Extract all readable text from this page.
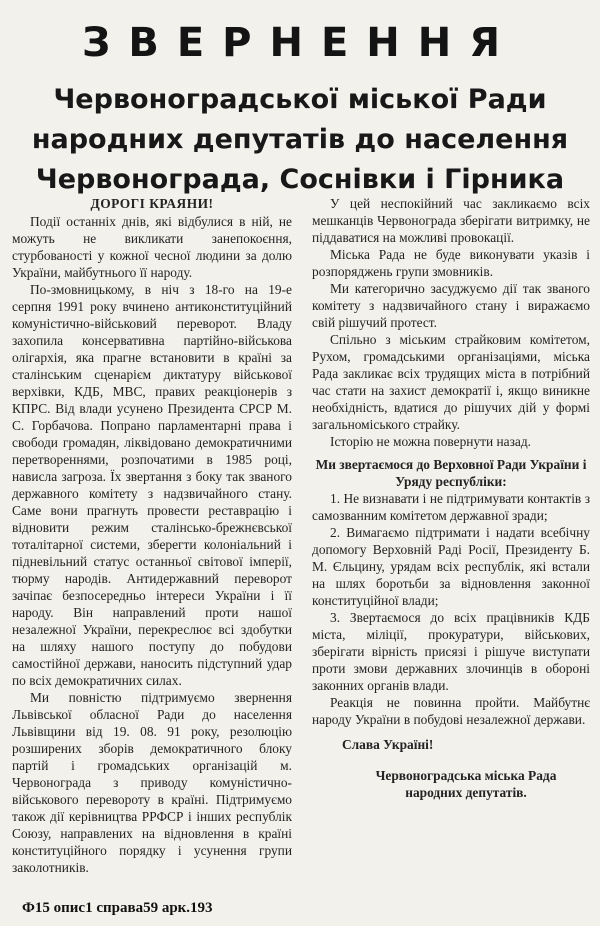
ЗВЕРНЕННЯ
Червоноградської міської Ради
народних депутатів до населення
Червонограда, Соснівки і Гірника

ДОРОГІ КРАЯНИ!

Події останніх днів, які відбулися в ній, не можуть не викликати занепокоєння, стурбованості у кожної чесної людини за долю України, майбутнього її народу.

По-змовницькому, в ніч з 18-го на 19-е серпня 1991 року вчинено антиконституційний комуністично-військовий переворот. Владу захопила консервативна партійно-військова олігархія, яка прагне встановити в країні за сталінським сценарієм диктатуру військової верхівки, КДБ, МВС, правих реакціонерів з КПРС. Від влади усунено Президента СРСР М. С. Горбачова. Попрано парламентарні права і свободи громадян, ліквідовано демократичними перетвореннями, розпочатими в 1985 році, нависла загроза. Їх звертання з боку так званого державного комітету з надзвичайного стану. Саме вони прагнуть провести реставрацію і відновити режим сталінсько-брежнєвської тоталітарної системи, зберегти колоніальний і підневільний статус останньої світової імперії, тюрму народів. Антидержавний переворот зачіпає безпосередньо інтереси України і її народу. Він направлений проти нашої незалежної України, перекреслює всі здобутки на шляху нашого поступу до побудови самостійної держави, наносить підступний удар по всіх демократичних силах.

Ми повністю підтримуємо звернення Львівської обласної Ради до населення Львівщини від 19. 08. 91 року, резолюцію розширених зборів демократичного блоку партій і громадських організацій м. Червонограда з приводу комуністично-військового перевороту в країні. Підтримуємо також дії керівництва РРФСР і інших республік Союзу, направлених на відновлення в країні конституційного порядку і усунення групи заколотників.

У цей неспокійний час закликаємо всіх мешканців Червонограда зберігати витримку, не піддаватися на можливі провокації.

Міська Рада не буде виконувати указів і розпоряджень групи змовників.

Ми категорично засуджуємо дії так званого комітету з надзвичайного стану і виражаємо свій рішучий протест.

Спільно з міським страйковим комітетом, Рухом, громадськими організаціями, міська Рада закликає всіх трудящих міста в потрібний час стати на захист демократії і, якщо виникне необхідність, вдатися до рішучих дій у формі загальноміського страйку.

Історію не можна повернути назад.

Ми звертаємося до Верховної Ради України і Уряду республіки:

1. Не визнавати і не підтримувати контактів з самозванним комітетом державної зради;

2. Вимагаємо підтримати і надати всебічну допомогу Верховній Раді Росії, Президенту Б. М. Єльцину, урядам всіх республік, які встали на шлях боротьби за відновлення законної конституційної влади;

3. Звертаємося до всіх працівників КДБ міста, міліції, прокуратури, військових, зберігати вірність присязі і рішуче виступати проти змови державних злочинців в обороні законних органів влади.

Реакція не повинна пройти. Майбутнє народу України в побудові незалежної держави.

Слава Україні!

Червоноградська міська Рада
народних депутатів.

Ф15 опис1 справа59 арк.193
